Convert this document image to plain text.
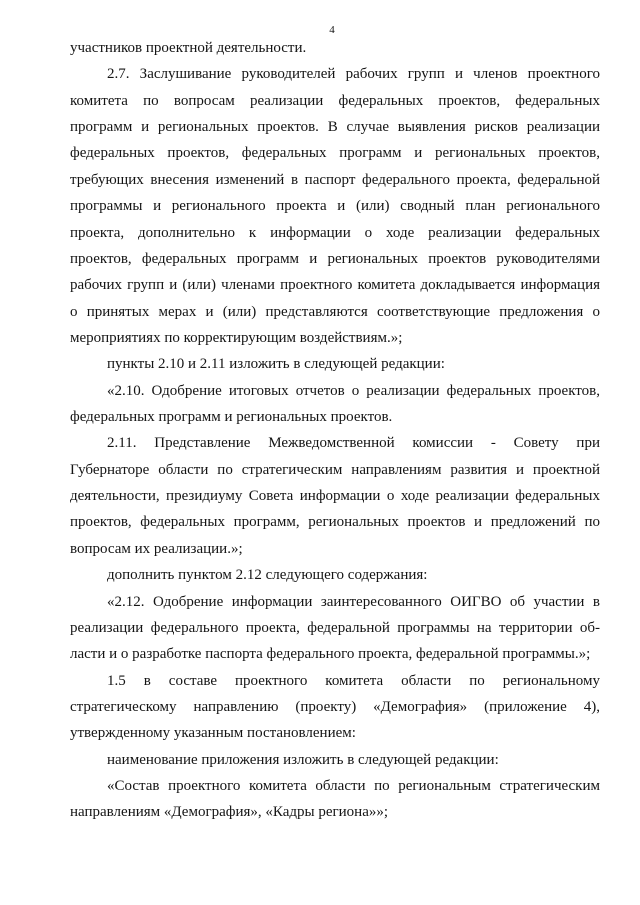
4
участников проектной деятельности.
2.7. Заслушивание руководителей рабочих групп и членов проектного
комитета по вопросам реализации федеральных проектов, федеральных
программ и региональных проектов. В случае выявления рисков реализации
федеральных проектов, федеральных программ и региональных проектов,
требующих внесения изменений в паспорт федерального проекта, федеральной
программы и регионального проекта и (или) сводный план регионального
проекта, дополнительно к информации о ходе реализации федеральных
проектов, федеральных программ и региональных проектов руководителями
рабочих групп и (или) членами проектного комитета докладывается информация
о принятых мерах и (или) представляются соответствующие предложения о
мероприятиях по корректирующим воздействиям.»;
пункты 2.10 и 2.11 изложить в следующей редакции:
«2.10. Одобрение итоговых отчетов о реализации федеральных проектов,
федеральных программ и региональных проектов.
2.11. Представление Межведомственной комиссии - Совету при
Губернаторе области по стратегическим направлениям развития и проектной
деятельности, президиуму Совета информации о ходе реализации федеральных
проектов, федеральных программ, региональных проектов и предложений по
вопросам их реализации.»;
дополнить пунктом 2.12 следующего содержания:
«2.12. Одобрение информации заинтересованного ОИГВО об участии в
реализации федерального проекта, федеральной программы на территории об-
ласти и о разработке паспорта федерального проекта, федеральной программы.»;
1.5 в составе проектного комитета области по региональному
стратегическому направлению (проекту) «Демография» (приложение 4),
утвержденному указанным постановлением:
наименование приложения изложить в следующей редакции:
«Состав проектного комитета области по региональным стратегическим
направлениям «Демография», «Кадры региона»»;
